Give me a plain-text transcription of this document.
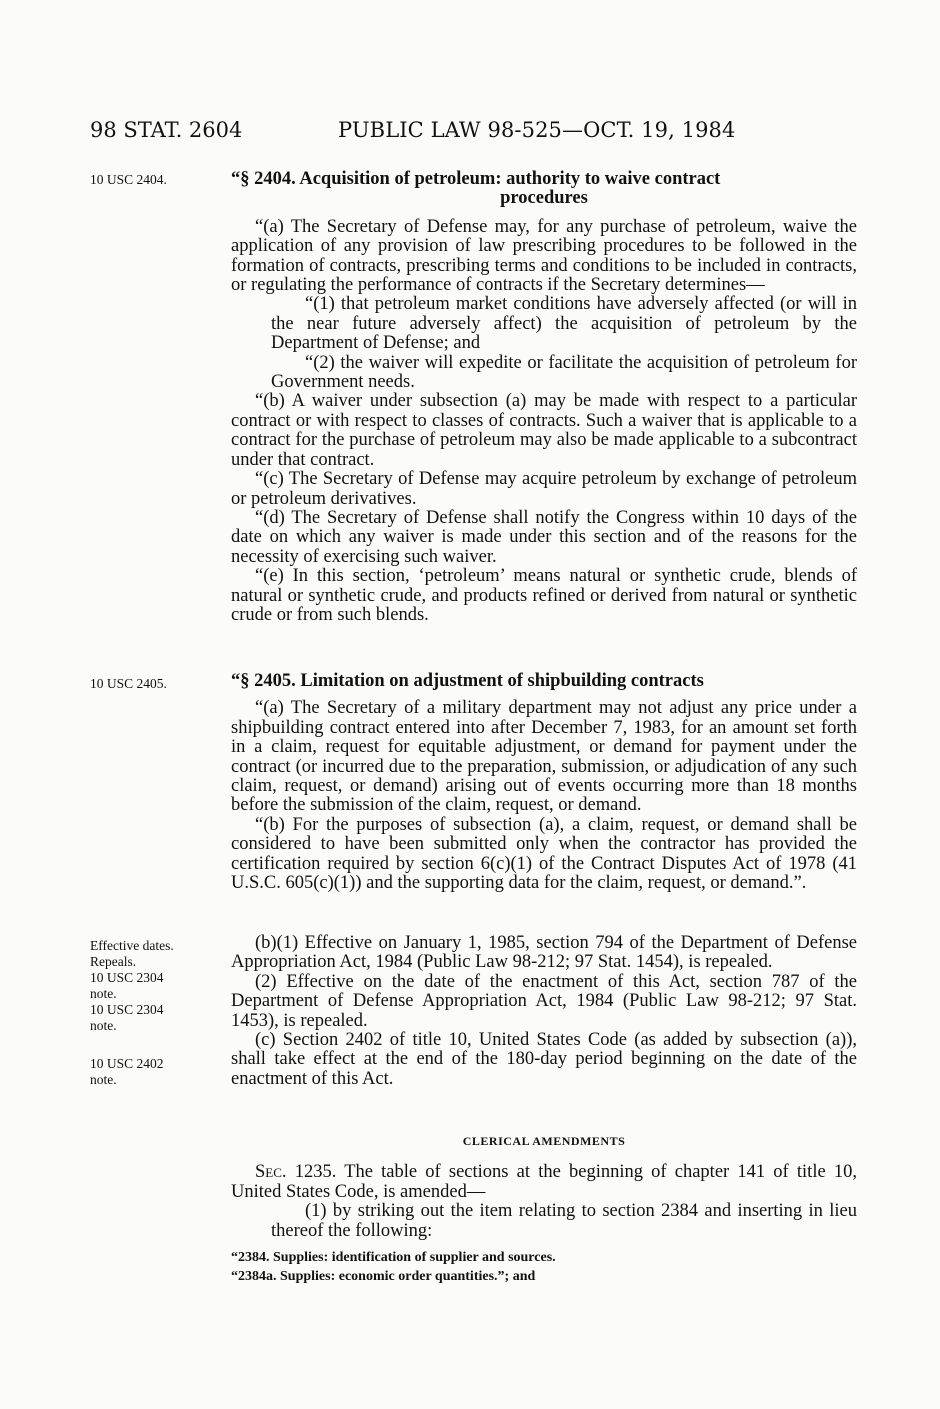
98 STAT. 2604	PUBLIC LAW 98-525—OCT. 19, 1984
10 USC 2404.
10 USC 2405.
Effective dates.
Repeals.
10 USC 2304
note.
10 USC 2304
note.
10 USC 2402
note.

“§ 2404. Acquisition of petroleum: authority to waive contract

procedures

“(a) The Secretary of Defense may, for any purchase of petroleum, waive the application of any provision of law prescribing procedures to be followed in the formation of contracts, prescribing terms and conditions to be included in contracts, or regulating the performance of contracts if the Secretary determines—

“(1) that petroleum market conditions have adversely affected (or will in the near future adversely affect) the acquisition of petroleum by the Department of Defense; and

“(2) the waiver will expedite or facilitate the acquisition of petroleum for Government needs.

“(b) A waiver under subsection (a) may be made with respect to a particular contract or with respect to classes of contracts. Such a waiver that is applicable to a contract for the purchase of petroleum may also be made applicable to a subcontract under that contract.

“(c) The Secretary of Defense may acquire petroleum by exchange of petroleum or petroleum derivatives.

“(d) The Secretary of Defense shall notify the Congress within 10 days of the date on which any waiver is made under this section and of the reasons for the necessity of exercising such waiver.

“(e) In this section, ‘petroleum’ means natural or synthetic crude, blends of natural or synthetic crude, and products refined or derived from natural or synthetic crude or from such blends.

“§ 2405. Limitation on adjustment of shipbuilding contracts

“(a) The Secretary of a military department may not adjust any price under a shipbuilding contract entered into after December 7, 1983, for an amount set forth in a claim, request for equitable adjustment, or demand for payment under the contract (or incurred due to the preparation, submission, or adjudication of any such claim, request, or demand) arising out of events occurring more than 18 months before the submission of the claim, request, or demand.

“(b) For the purposes of subsection (a), a claim, request, or demand shall be considered to have been submitted only when the contractor has provided the certification required by section 6(c)(1) of the Contract Disputes Act of 1978 (41 U.S.C. 605(c)(1)) and the supporting data for the claim, request, or demand.”.

(b)(1) Effective on January 1, 1985, section 794 of the Department of Defense Appropriation Act, 1984 (Public Law 98-212; 97 Stat. 1454), is repealed.

(2) Effective on the date of the enactment of this Act, section 787 of the Department of Defense Appropriation Act, 1984 (Public Law 98-212; 97 Stat. 1453), is repealed.

(c) Section 2402 of title 10, United States Code (as added by subsection (a)), shall take effect at the end of the 180-day period beginning on the date of the enactment of this Act.

CLERICAL AMENDMENTS

Sec. 1235. The table of sections at the beginning of chapter 141 of title 10, United States Code, is amended—

(1) by striking out the item relating to section 2384 and inserting in lieu thereof the following:

“2384. Supplies: identification of supplier and sources.
“2384a. Supplies: economic order quantities.”; and
